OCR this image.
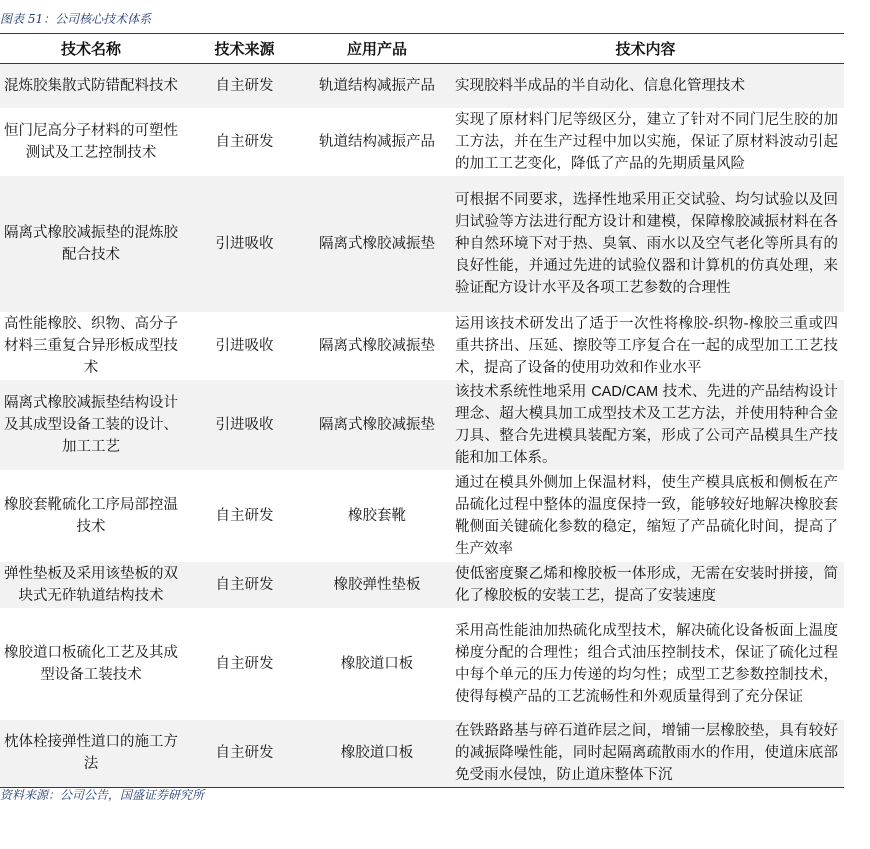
图表 51：公司核心技术体系
技术名称	技术来源	应用产品	技术内容
混炼胶集散式防错配料技术	自主研发	轨道结构减振产品	实现胶料半成品的半自动化、信息化管理技术
恒门尼高分子材料的可塑性测试及工艺控制技术	自主研发	轨道结构减振产品	实现了原材料门尼等级区分，建立了针对不同门尼生胶的加工方法，并在生产过程中加以实施，保证了原材料波动引起的加工工艺变化，降低了产品的先期质量风险
隔离式橡胶减振垫的混炼胶配合技术	引进吸收	隔离式橡胶减振垫	可根据不同要求，选择性地采用正交试验、均匀试验以及回归试验等方法进行配方设计和建模，保障橡胶减振材料在各种自然环境下对于热、臭氧、雨水以及空气老化等所具有的良好性能，并通过先进的试验仪器和计算机的仿真处理，来验证配方设计水平及各项工艺参数的合理性
高性能橡胶、织物、高分子材料三重复合异形板成型技术	引进吸收	隔离式橡胶减振垫	运用该技术研发出了适于一次性将橡胶-织物-橡胶三重或四重共挤出、压延、擦胶等工序复合在一起的成型加工工艺技术，提高了设备的使用功效和作业水平
隔离式橡胶减振垫结构设计及其成型设备工装的设计、加工工艺	引进吸收	隔离式橡胶减振垫	该技术系统性地采用 CAD/CAM 技术、先进的产品结构设计理念、超大模具加工成型技术及工艺方法，并使用特种合金刀具、整合先进模具装配方案，形成了公司产品模具生产技能和加工体系。
橡胶套靴硫化工序局部控温技术	自主研发	橡胶套靴	通过在模具外侧加上保温材料，使生产模具底板和侧板在产品硫化过程中整体的温度保持一致，能够较好地解决橡胶套靴侧面关键硫化参数的稳定，缩短了产品硫化时间，提高了生产效率
弹性垫板及采用该垫板的双块式无砟轨道结构技术	自主研发	橡胶弹性垫板	使低密度聚乙烯和橡胶板一体形成，无需在安装时拼接，简化了橡胶板的安装工艺，提高了安装速度
橡胶道口板硫化工艺及其成型设备工装技术	自主研发	橡胶道口板	采用高性能油加热硫化成型技术，解决硫化设备板面上温度梯度分配的合理性；组合式油压控制技术，保证了硫化过程中每个单元的压力传递的均匀性；成型工艺参数控制技术，使得每模产品的工艺流畅性和外观质量得到了充分保证
枕体栓接弹性道口的施工方法	自主研发	橡胶道口板	在铁路路基与碎石道砟层之间，增铺一层橡胶垫，具有较好的减振降噪性能，同时起隔离疏散雨水的作用，使道床底部免受雨水侵蚀，防止道床整体下沉
资料来源：公司公告，国盛证券研究所
